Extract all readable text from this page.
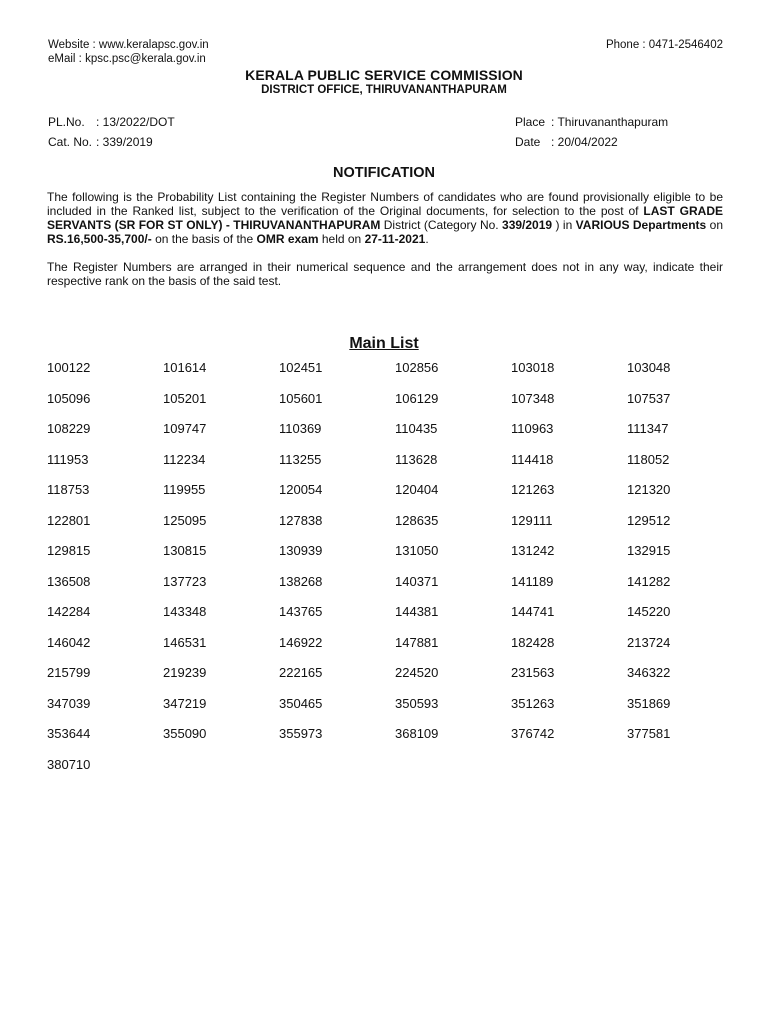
Website : www.keralapsc.gov.in
eMail : kpsc.psc@kerala.gov.in
Phone : 0471-2546402
KERALA PUBLIC SERVICE COMMISSION
DISTRICT OFFICE, THIRUVANANTHAPURAM
PL.No. : 13/2022/DOT
Cat. No. : 339/2019
Place : Thiruvananthapuram
Date : 20/04/2022
NOTIFICATION
The following is the Probability List containing the Register Numbers of candidates who are found provisionally eligible to be included in the Ranked list, subject to the verification of the Original documents, for selection to the post of LAST GRADE SERVANTS (SR FOR ST ONLY) - THIRUVANANTHAPURAM District (Category No. 339/2019 ) in VARIOUS Departments on RS.16,500-35,700/- on the basis of the OMR exam held on 27-11-2021.
The Register Numbers are arranged in their numerical sequence and the arrangement does not in any way, indicate their respective rank on the basis of the said test.
Main List
100122	101614	102451	102856	103018	103048
105096	105201	105601	106129	107348	107537
108229	109747	110369	110435	110963	111347
111953	112234	113255	113628	114418	118052
118753	119955	120054	120404	121263	121320
122801	125095	127838	128635	129111	129512
129815	130815	130939	131050	131242	132915
136508	137723	138268	140371	141189	141282
142284	143348	143765	144381	144741	145220
146042	146531	146922	147881	182428	213724
215799	219239	222165	224520	231563	346322
347039	347219	350465	350593	351263	351869
353644	355090	355973	368109	376742	377581
380710
